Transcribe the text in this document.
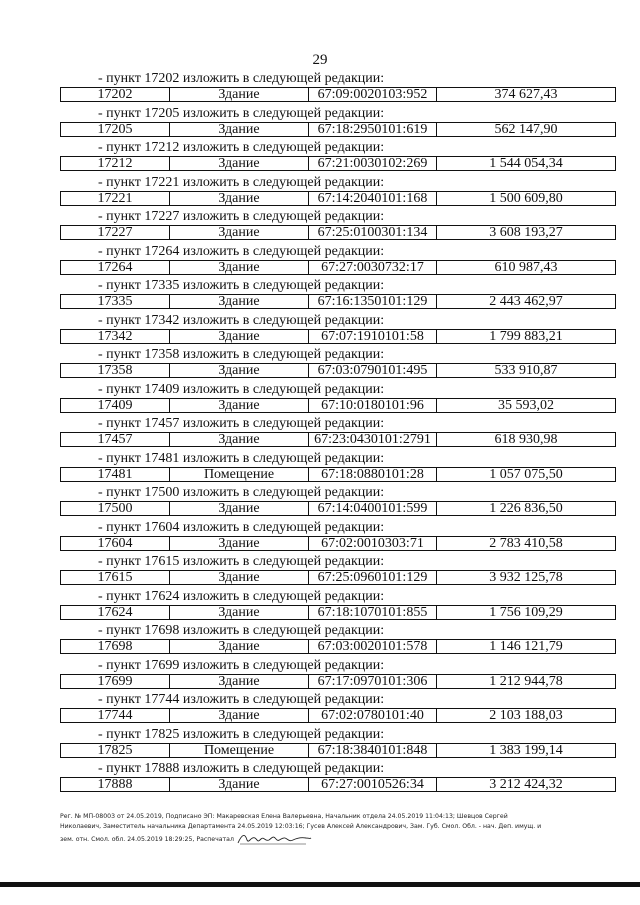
29
- пункт 17202 изложить в следующей редакции:
17202	Здание	67:09:0020103:952	374 627,43
- пункт 17205 изложить в следующей редакции:
17205	Здание	67:18:2950101:619	562 147,90
- пункт 17212 изложить в следующей редакции:
17212	Здание	67:21:0030102:269	1 544 054,34
- пункт 17221 изложить в следующей редакции:
17221	Здание	67:14:2040101:168	1 500 609,80
- пункт 17227 изложить в следующей редакции:
17227	Здание	67:25:0100301:134	3 608 193,27
- пункт 17264 изложить в следующей редакции:
17264	Здание	67:27:0030732:17	610 987,43
- пункт 17335 изложить в следующей редакции:
17335	Здание	67:16:1350101:129	2 443 462,97
- пункт 17342 изложить в следующей редакции:
17342	Здание	67:07:1910101:58	1 799 883,21
- пункт 17358 изложить в следующей редакции:
17358	Здание	67:03:0790101:495	533 910,87
- пункт 17409 изложить в следующей редакции:
17409	Здание	67:10:0180101:96	35 593,02
- пункт 17457 изложить в следующей редакции:
17457	Здание	67:23:0430101:2791	618 930,98
- пункт 17481 изложить в следующей редакции:
17481	Помещение	67:18:0880101:28	1 057 075,50
- пункт 17500 изложить в следующей редакции:
17500	Здание	67:14:0400101:599	1 226 836,50
- пункт 17604 изложить в следующей редакции:
17604	Здание	67:02:0010303:71	2 783 410,58
- пункт 17615 изложить в следующей редакции:
17615	Здание	67:25:0960101:129	3 932 125,78
- пункт 17624 изложить в следующей редакции:
17624	Здание	67:18:1070101:855	1 756 109,29
- пункт 17698 изложить в следующей редакции:
17698	Здание	67:03:0020101:578	1 146 121,79
- пункт 17699 изложить в следующей редакции:
17699	Здание	67:17:0970101:306	1 212 944,78
- пункт 17744 изложить в следующей редакции:
17744	Здание	67:02:0780101:40	2 103 188,03
- пункт 17825 изложить в следующей редакции:
17825	Помещение	67:18:3840101:848	1 383 199,14
- пункт 17888 изложить в следующей редакции:
17888	Здание	67:27:0010526:34	3 212 424,32
Рег. № МП-08003 от 24.05.2019, Подписано ЭП: Макаревская Елена Валерьевна, Начальник отдела 24.05.2019 11:04:13; Шевцов Сергей
Николаевич, Заместитель начальника Департамента 24.05.2019 12:03:16; Гусев Алексей Александрович, Зам. Губ. Смол. Обл. - нач. Деп. имущ. и
зем. отн. Смол. обл. 24.05.2019 18:29:25, Распечатал
